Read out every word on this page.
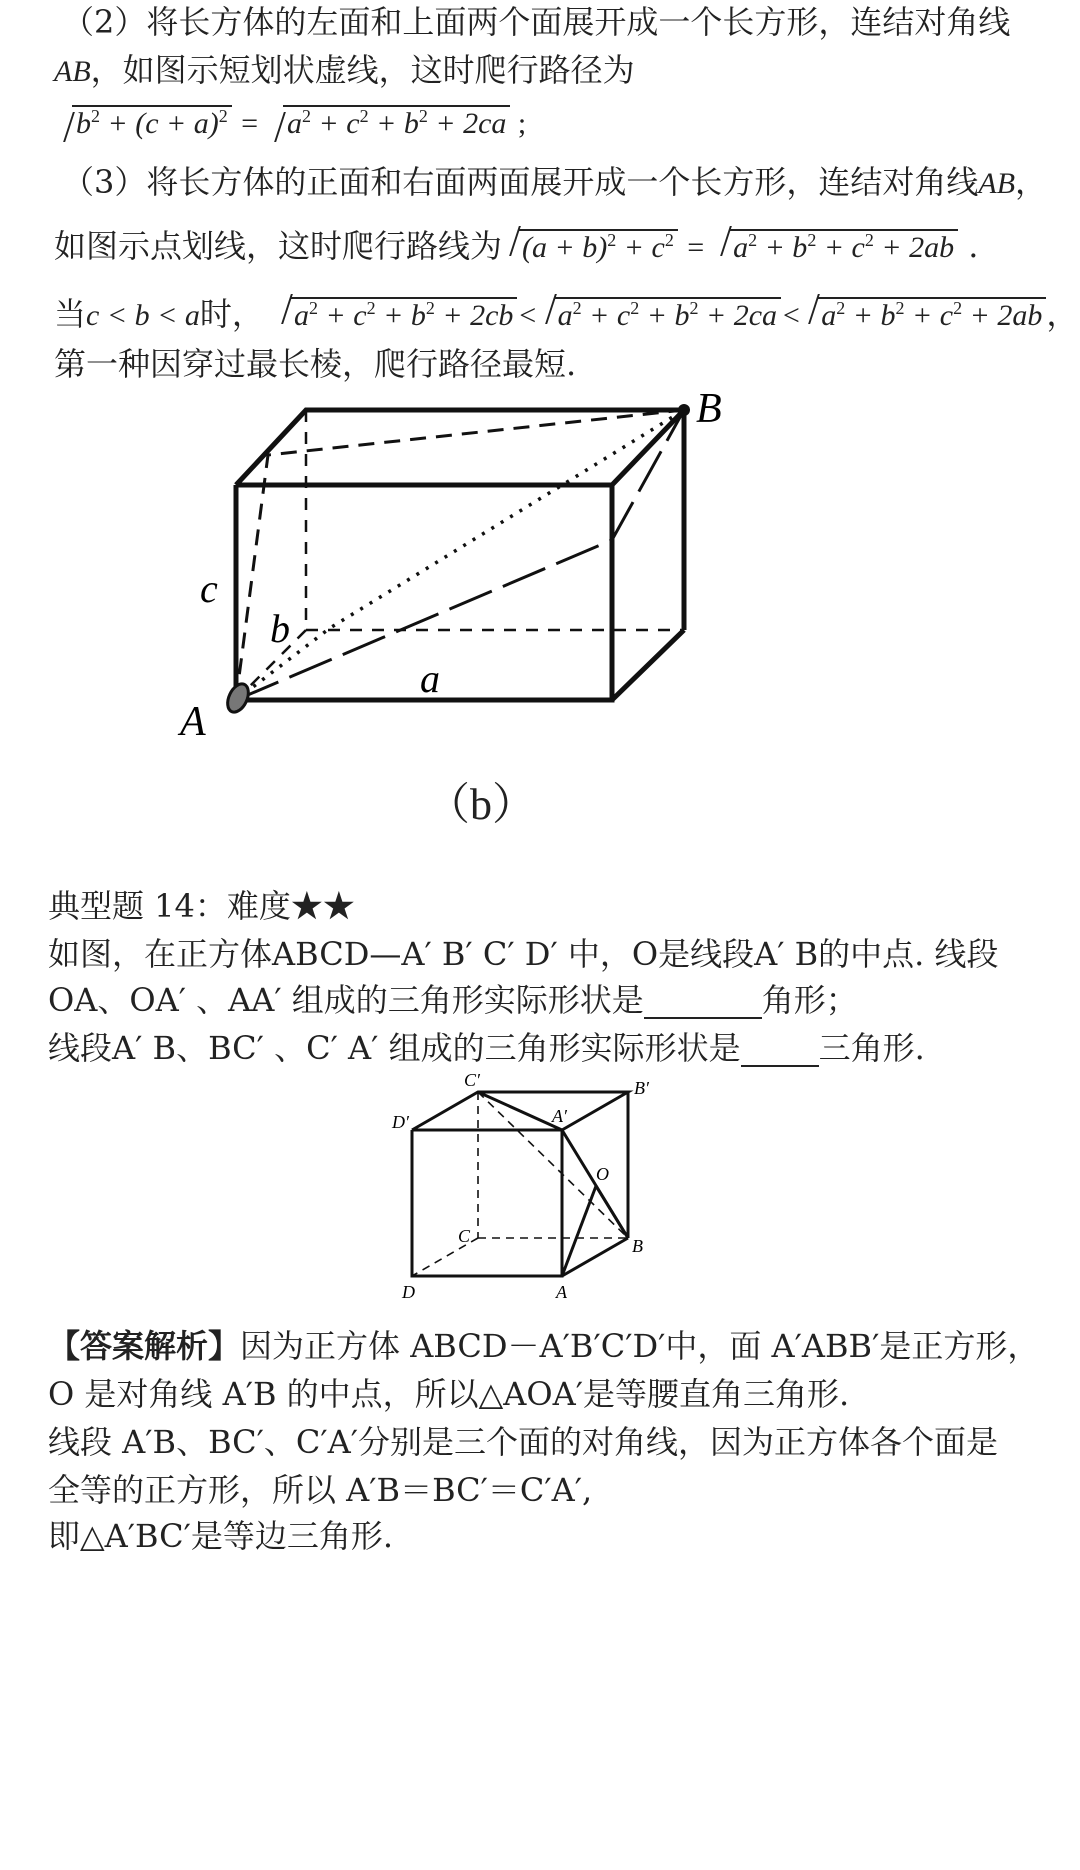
（2）将长方体的左面和上面两个面展开成一个长方形，连结对角线
AB，如图示短划状虚线，这时爬行路径为
$b^2 + (c + a)^2 = a^2 + c^2 + b^2 + 2ca$ ;
（3）将长方体的正面和右面两面展开成一个长方形，连结对角线AB，
如图示点划线，这时爬行路线为 $(a + b)^2 + c^2 = a^2 + b^2 + c^2 + 2ab$ .
当c < b < a时， $a^2 + c^2 + b^2 + 2cb < a^2 + c^2 + b^2 + 2ca < a^2 + b^2 + c^2 + 2ab$ ，
第一种因穿过最长棱，爬行路径最短.
A
B
a
b
c
（b）
典型题 14：难度★★
如图，在正方体ABCD—A′ B′ C′ D′ 中，O是线段A′ B的中点. 线段
OA、OA′ 、AA′ 组成的三角形实际形状是	角形；
线段A′ B、BC′ 、C′ A′ 组成的三角形实际形状是 三角形.
C′	B′
A′
D′
O
C	B
D	A
【答案解析】因为正方体 ABCD－A′B′C′D′中，面 A′ABB′是正方形，
O 是对角线 A′B 的中点，所以△AOA′是等腰直角三角形.
线段 A′B、BC′、C′A′分别是三个面的对角线，因为正方体各个面是
全等的正方形，所以 A′B＝BC′＝C′A′,
即△A′BC′是等边三角形.
